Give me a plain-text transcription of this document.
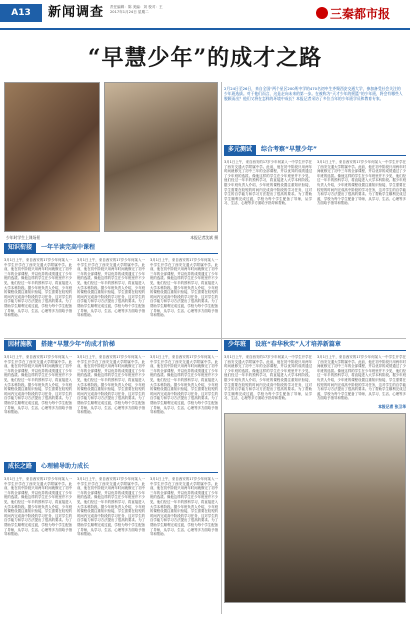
A13	新闻调查 责任编辑：陈 美编：刘 校对：王
2017年1月24日 星期二	三秦都市报
“早慧少年”的成才之路
2月24日至26日，来自全国“两个星区200所中学的470名初中生齐聚西安交通大学，参加备受社会关注的少年班选拔。对于他们而言，这是走向未来的第一步。在被称为“天才少年的摇篮”的少年班，将会有哪些人脱颖而出？他们又将在怎样的环境中成长？本报记者采访了多位当年的少年班学员和教育专家。
少年时学生上课场景	本报记者沈斌 摄
知识衔接 一年半读完高中课程
多元测试 综合考察“早慧少年”
因材施教 搭建“早慧少年”的成才阶梯	少年班 设班“春华秋实”人才培养新篇章
成长之路 心理辅导助力成长
3月1日上午，来自西安的17岁少年何某入一中学生开学在了西安交通大学附属中学。此前，他在初中阶段只用两年时间就修完了初中三年的全部课程，并以优异的成绩通过了少年班的选拔。像他这样的学生在少年班里并不少见，他们经过一年半的预科学习，将直接进入大学本科阶段。据少年班负责人介绍，少年班的课程设置注重知识衔接，学生需要在较短的时间内完成高中阶段的学习任务，这对学生的自学能力和学习方法提出了很高的要求。为了帮助学生顺利完成过渡，学校为每个学生配备了导师，从学习、生活、心理等多方面给予指导和帮助。
3月1日上午，来自西安的17岁少年何某入一中学生开学在了西安交通大学附属中学。此前，他在初中阶段只用两年时间就修完了初中三年的全部课程，并以优异的成绩通过了少年班的选拔。像他这样的学生在少年班里并不少见，他们经过一年半的预科学习，将直接进入大学本科阶段。据少年班负责人介绍，少年班的课程设置注重知识衔接，学生需要在较短的时间内完成高中阶段的学习任务，这对学生的自学能力和学习方法提出了很高的要求。为了帮助学生顺利完成过渡，学校为每个学生配备了导师，从学习、生活、心理等多方面给予指导和帮助。
3月1日上午，来自西安的17岁少年何某入一中学生开学在了西安交通大学附属中学。此前，他在初中阶段只用两年时间就修完了初中三年的全部课程，并以优异的成绩通过了少年班的选拔。像他这样的学生在少年班里并不少见，他们经过一年半的预科学习，将直接进入大学本科阶段。据少年班负责人介绍，少年班的课程设置注重知识衔接，学生需要在较短的时间内完成高中阶段的学习任务，这对学生的自学能力和学习方法提出了很高的要求。为了帮助学生顺利完成过渡，学校为每个学生配备了导师，从学习、生活、心理等多方面给予指导和帮助。
3月1日上午，来自西安的17岁少年何某入一中学生开学在了西安交通大学附属中学。此前，他在初中阶段只用两年时间就修完了初中三年的全部课程，并以优异的成绩通过了少年班的选拔。像他这样的学生在少年班里并不少见，他们经过一年半的预科学习，将直接进入大学本科阶段。据少年班负责人介绍，少年班的课程设置注重知识衔接，学生需要在较短的时间内完成高中阶段的学习任务，这对学生的自学能力和学习方法提出了很高的要求。为了帮助学生顺利完成过渡，学校为每个学生配备了导师，从学习、生活、心理等多方面给予指导和帮助。
3月1日上午，来自西安的17岁少年何某入一中学生开学在了西安交通大学附属中学。此前，他在初中阶段只用两年时间就修完了初中三年的全部课程，并以优异的成绩通过了少年班的选拔。像他这样的学生在少年班里并不少见，他们经过一年半的预科学习，将直接进入大学本科阶段。据少年班负责人介绍，少年班的课程设置注重知识衔接，学生需要在较短的时间内完成高中阶段的学习任务，这对学生的自学能力和学习方法提出了很高的要求。为了帮助学生顺利完成过渡，学校为每个学生配备了导师，从学习、生活、心理等多方面给予指导和帮助。
3月1日上午，来自西安的17岁少年何某入一中学生开学在了西安交通大学附属中学。此前，他在初中阶段只用两年时间就修完了初中三年的全部课程，并以优异的成绩通过了少年班的选拔。像他这样的学生在少年班里并不少见，他们经过一年半的预科学习，将直接进入大学本科阶段。据少年班负责人介绍，少年班的课程设置注重知识衔接，学生需要在较短的时间内完成高中阶段的学习任务，这对学生的自学能力和学习方法提出了很高的要求。为了帮助学生顺利完成过渡，学校为每个学生配备了导师，从学习、生活、心理等多方面给予指导和帮助。
3月1日上午，来自西安的17岁少年何某入一中学生开学在了西安交通大学附属中学。此前，他在初中阶段只用两年时间就修完了初中三年的全部课程，并以优异的成绩通过了少年班的选拔。像他这样的学生在少年班里并不少见，他们经过一年半的预科学习，将直接进入大学本科阶段。据少年班负责人介绍，少年班的课程设置注重知识衔接，学生需要在较短的时间内完成高中阶段的学习任务，这对学生的自学能力和学习方法提出了很高的要求。为了帮助学生顺利完成过渡，学校为每个学生配备了导师，从学习、生活、心理等多方面给予指导和帮助。
3月1日上午，来自西安的17岁少年何某入一中学生开学在了西安交通大学附属中学。此前，他在初中阶段只用两年时间就修完了初中三年的全部课程，并以优异的成绩通过了少年班的选拔。像他这样的学生在少年班里并不少见，他们经过一年半的预科学习，将直接进入大学本科阶段。据少年班负责人介绍，少年班的课程设置注重知识衔接，学生需要在较短的时间内完成高中阶段的学习任务，这对学生的自学能力和学习方法提出了很高的要求。为了帮助学生顺利完成过渡，学校为每个学生配备了导师，从学习、生活、心理等多方面给予指导和帮助。
3月1日上午，来自西安的17岁少年何某入一中学生开学在了西安交通大学附属中学。此前，他在初中阶段只用两年时间就修完了初中三年的全部课程，并以优异的成绩通过了少年班的选拔。像他这样的学生在少年班里并不少见，他们经过一年半的预科学习，将直接进入大学本科阶段。据少年班负责人介绍，少年班的课程设置注重知识衔接，学生需要在较短的时间内完成高中阶段的学习任务，这对学生的自学能力和学习方法提出了很高的要求。为了帮助学生顺利完成过渡，学校为每个学生配备了导师，从学习、生活、心理等多方面给予指导和帮助。
3月1日上午，来自西安的17岁少年何某入一中学生开学在了西安交通大学附属中学。此前，他在初中阶段只用两年时间就修完了初中三年的全部课程，并以优异的成绩通过了少年班的选拔。像他这样的学生在少年班里并不少见，他们经过一年半的预科学习，将直接进入大学本科阶段。据少年班负责人介绍，少年班的课程设置注重知识衔接，学生需要在较短的时间内完成高中阶段的学习任务，这对学生的自学能力和学习方法提出了很高的要求。为了帮助学生顺利完成过渡，学校为每个学生配备了导师，从学习、生活、心理等多方面给予指导和帮助。
本报记者 张卫华
3月1日上午，来自西安的17岁少年何某入一中学生开学在了西安交通大学附属中学。此前，他在初中阶段只用两年时间就修完了初中三年的全部课程，并以优异的成绩通过了少年班的选拔。像他这样的学生在少年班里并不少见，他们经过一年半的预科学习，将直接进入大学本科阶段。据少年班负责人介绍，少年班的课程设置注重知识衔接，学生需要在较短的时间内完成高中阶段的学习任务，这对学生的自学能力和学习方法提出了很高的要求。为了帮助学生顺利完成过渡，学校为每个学生配备了导师，从学习、生活、心理等多方面给予指导和帮助。
3月1日上午，来自西安的17岁少年何某入一中学生开学在了西安交通大学附属中学。此前，他在初中阶段只用两年时间就修完了初中三年的全部课程，并以优异的成绩通过了少年班的选拔。像他这样的学生在少年班里并不少见，他们经过一年半的预科学习，将直接进入大学本科阶段。据少年班负责人介绍，少年班的课程设置注重知识衔接，学生需要在较短的时间内完成高中阶段的学习任务，这对学生的自学能力和学习方法提出了很高的要求。为了帮助学生顺利完成过渡，学校为每个学生配备了导师，从学习、生活、心理等多方面给予指导和帮助。
3月1日上午，来自西安的17岁少年何某入一中学生开学在了西安交通大学附属中学。此前，他在初中阶段只用两年时间就修完了初中三年的全部课程，并以优异的成绩通过了少年班的选拔。像他这样的学生在少年班里并不少见，他们经过一年半的预科学习，将直接进入大学本科阶段。据少年班负责人介绍，少年班的课程设置注重知识衔接，学生需要在较短的时间内完成高中阶段的学习任务，这对学生的自学能力和学习方法提出了很高的要求。为了帮助学生顺利完成过渡，学校为每个学生配备了导师，从学习、生活、心理等多方面给予指导和帮助。
